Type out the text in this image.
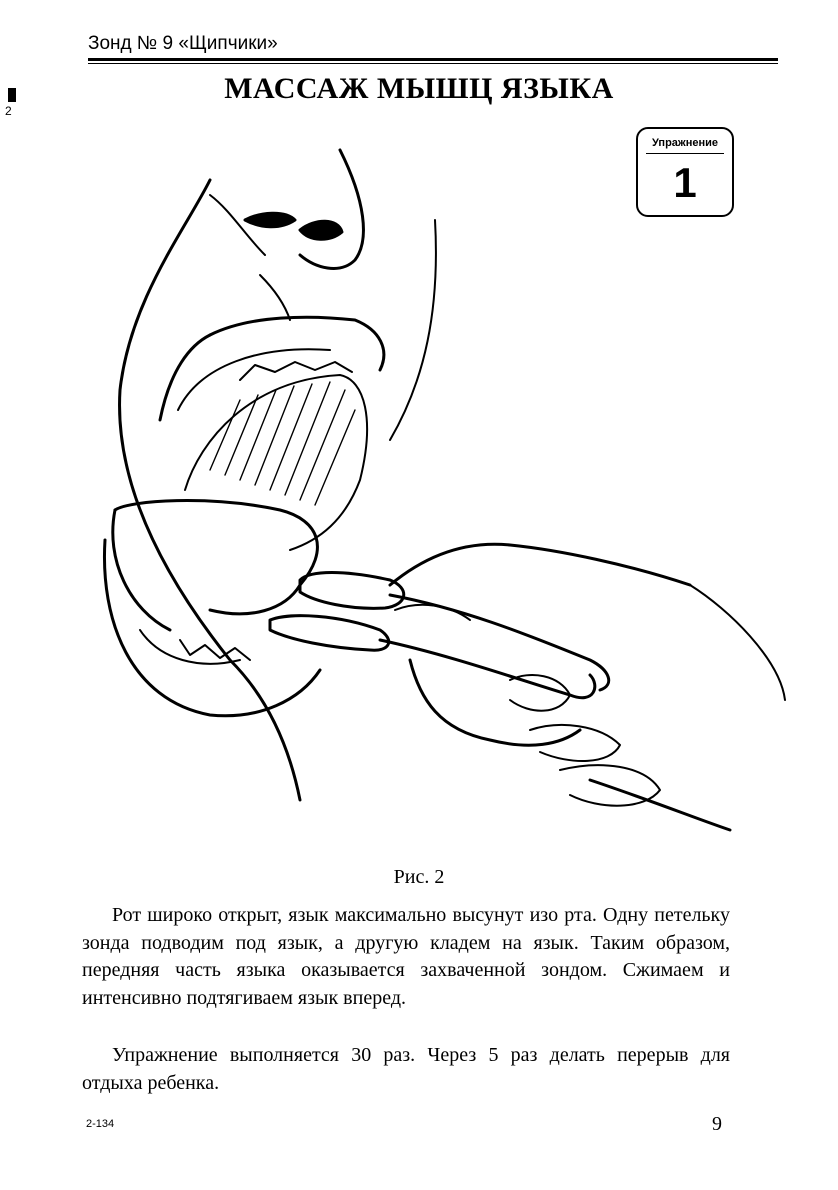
Зонд № 9 «Щипчики»
2
МАССАЖ МЫШЦ ЯЗЫКА
Упражнение
1
Рис. 2

Рот широко открыт, язык максимально высунут изо рта. Одну петельку зонда подводим под язык, а другую кладем на язык. Таким образом, передняя часть языка оказывается захваченной зондом. Сжимаем и интенсивно подтягиваем язык вперед.

Упражнение выполняется 30 раз. Через 5 раз делать перерыв для отдыха ребенка.

2-134	9
